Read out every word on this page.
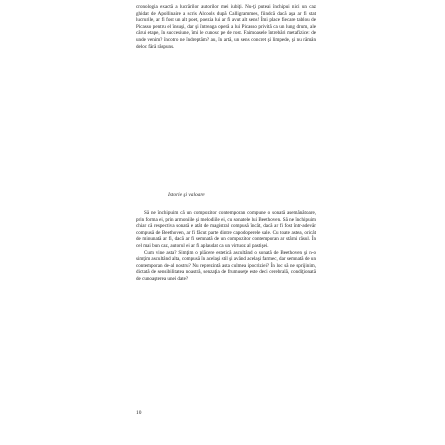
cronologia exactă a lucrărilor autorilor mei iubiţi. Nu-ţi puteai închipui nici un caz ghidat de Apollinaire a scris Alcools după Calligrammes, fiindcă dacă aşa ar fi stat lucrurile, ar fi fost un alt poet, poezia lui ar fi avut alt sens! Îmi place fiecare tablou de Picasso pentru el însuşi, dar şi întreaga operă a lui Picasso privită ca un lung drum, ale cărui etape, în succesiune, îmi le cunosc pe de rost. Faimoasele întrebări metafizice: de unde venim? încotro ne îndreptăm? au, în artă, un sens concret şi limpede, şi nu rămân deloc fără răspuns.

Istorie şi valoare

Să ne închipuim că un compozitor contemporan compune o sonată asemănătoare, prin forma ei, prin armoniile şi melodiile ei, cu sonatele lui Beethoven. Să ne închipuim chiar că respectiva sonată e atât de magistral compusă încât, dacă ar fi fost într-adevăr compusă de Beethoven, ar fi făcut parte dintre capodoperele sale. Cu toate astea, oricât de minunată ar fi, dacă ar fi semnată de un compozitor contemporan ar stârni râsul. În cel mai bun caz, autorul ei ar fi aplaudat ca un virtuoz al pastişei.

Cum vine asta? Simţim o plăcere estetică ascultând o sonată de Beethoven şi n-o simţim ascultând alta, compusă în acelaşi stil şi având acelaşi farmec, dar semnată de un contemporan de-al nostru? Nu reprezintă asta culmea ipocriziei? În loc să ne sprijinim, dictată de sensibilitatea noastră, senzaţia de frumuseţe este deci cerebrală, condiţionată de cunoaşterea unei date?

10
